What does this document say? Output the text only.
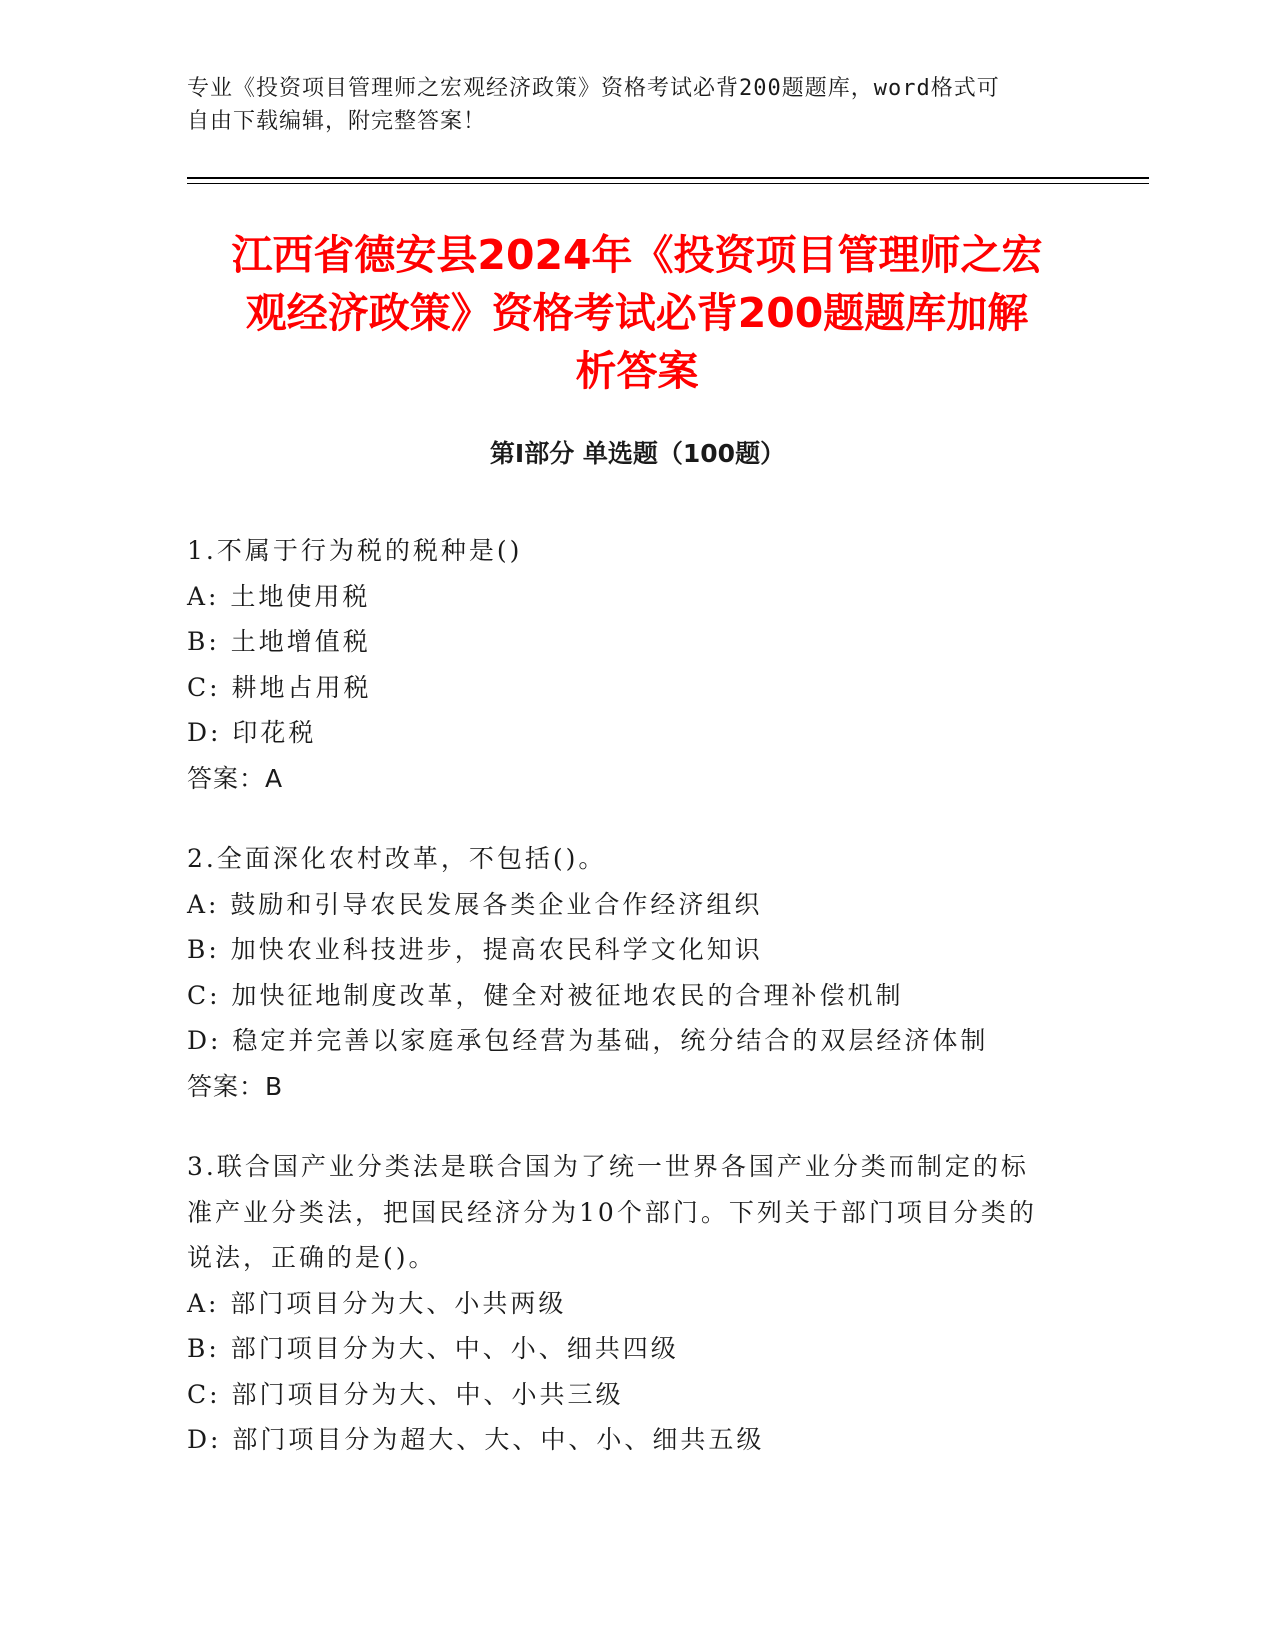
专业《投资项目管理师之宏观经济政策》资格考试必背200题题库，word格式可
自由下载编辑，附完整答案！
江西省德安县2024年《投资项目管理师之宏
观经济政策》资格考试必背200题题库加解
析答案
第Ⅰ部分 单选题（100题）
1.不属于行为税的税种是()
A: 土地使用税
B: 土地增值税
C: 耕地占用税
D: 印花税
答案：A
2.全面深化农村改革，不包括()。
A: 鼓励和引导农民发展各类企业合作经济组织
B: 加快农业科技进步，提高农民科学文化知识
C: 加快征地制度改革，健全对被征地农民的合理补偿机制
D: 稳定并完善以家庭承包经营为基础，统分结合的双层经济体制
答案：B
3.联合国产业分类法是联合国为了统一世界各国产业分类而制定的标
准产业分类法，把国民经济分为10个部门。下列关于部门项目分类的
说法，正确的是()。
A: 部门项目分为大、小共两级
B: 部门项目分为大、中、小、细共四级
C: 部门项目分为大、中、小共三级
D: 部门项目分为超大、大、中、小、细共五级
